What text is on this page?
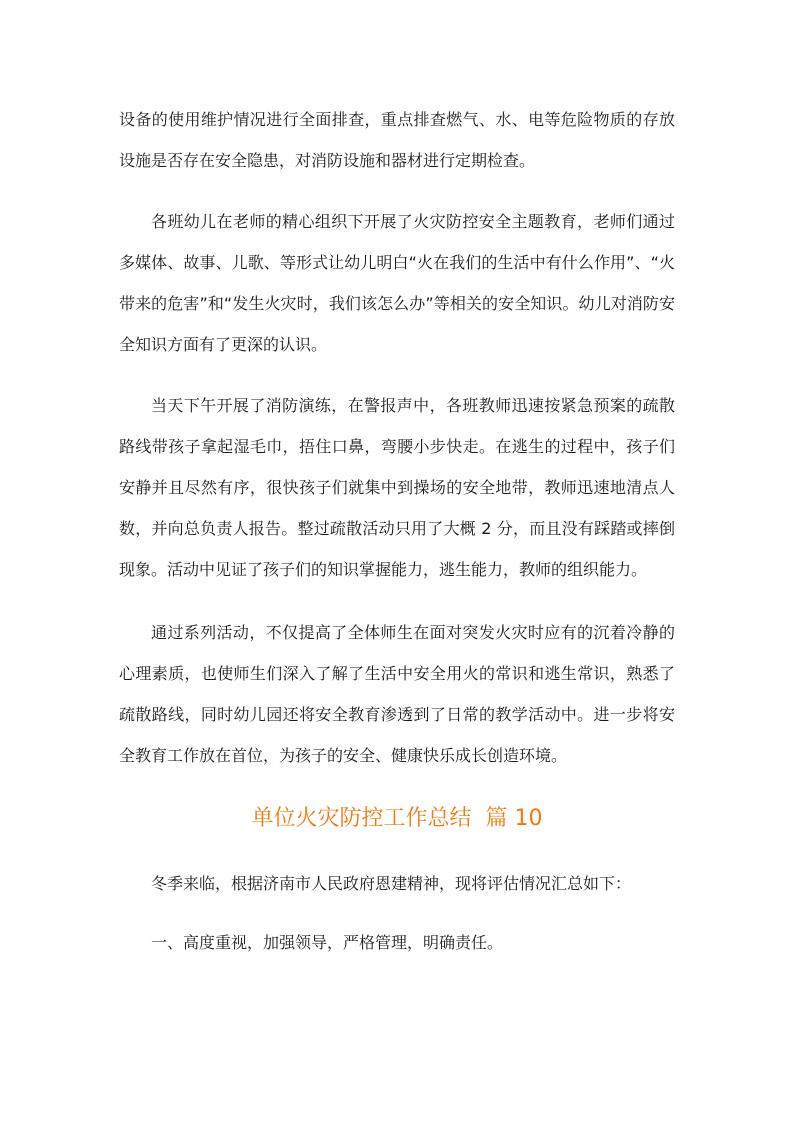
设备的使用维护情况进行全面排查，重点排查燃气、水、电等危险物质的存放设施是否存在安全隐患，对消防设施和器材进行定期检查。

各班幼儿在老师的精心组织下开展了火灾防控安全主题教育，老师们通过多媒体、故事、儿歌、等形式让幼儿明白“火在我们的生活中有什么作用”、“火带来的危害”和“发生火灾时，我们该怎么办”等相关的安全知识。幼儿对消防安全知识方面有了更深的认识。

当天下午开展了消防演练，在警报声中，各班教师迅速按紧急预案的疏散路线带孩子拿起湿毛巾，捂住口鼻，弯腰小步快走。在逃生的过程中，孩子们安静并且尽然有序，很快孩子们就集中到操场的安全地带，教师迅速地清点人数，并向总负责人报告。整过疏散活动只用了大概 2 分，而且没有踩踏或摔倒现象。活动中见证了孩子们的知识掌握能力，逃生能力，教师的组织能力。

通过系列活动，不仅提高了全体师生在面对突发火灾时应有的沉着冷静的心理素质，也使师生们深入了解了生活中安全用火的常识和逃生常识，熟悉了疏散路线，同时幼儿园还将安全教育渗透到了日常的教学活动中。进一步将安全教育工作放在首位，为孩子的安全、健康快乐成长创造环境。

单位火灾防控工作总结  篇 10

冬季来临，根据济南市人民政府恩建精神，现将评估情况汇总如下：

一、高度重视，加强领导，严格管理，明确责任。
